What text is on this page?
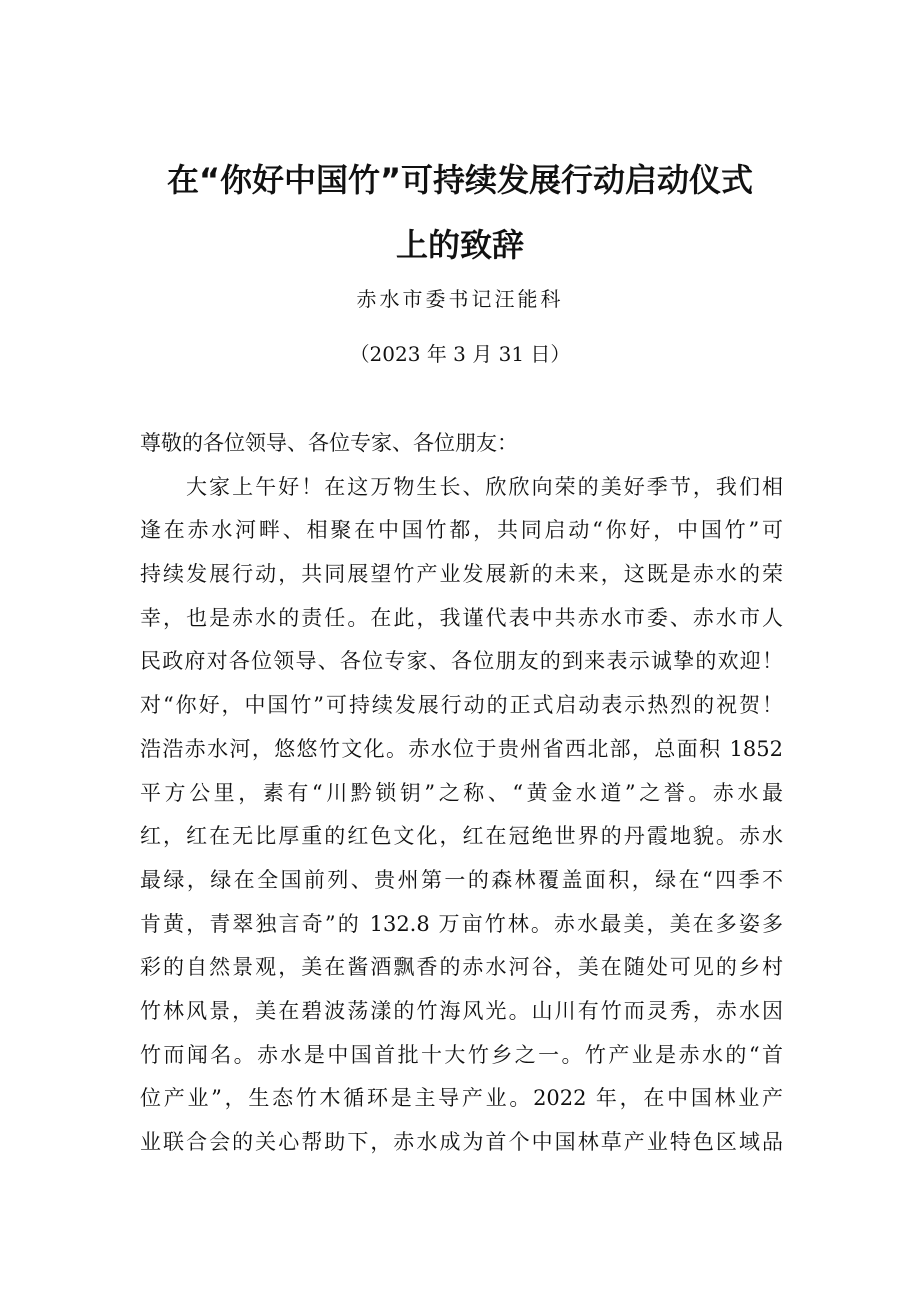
在“你好中国竹”可持续发展行动启动仪式
上的致辞
赤水市委书记汪能科
（2023 年 3 月 31 日）
尊敬的各位领导、各位专家、各位朋友：
大家上午好！在这万物生长、欣欣向荣的美好季节，我们相
逢在赤水河畔、相聚在中国竹都，共同启动“你好，中国竹”可
持续发展行动，共同展望竹产业发展新的未来，这既是赤水的荣
幸，也是赤水的责任。在此，我谨代表中共赤水市委、赤水市人
民政府对各位领导、各位专家、各位朋友的到来表示诚挚的欢迎！
对“你好，中国竹”可持续发展行动的正式启动表示热烈的祝贺！
浩浩赤水河，悠悠竹文化。赤水位于贵州省西北部，总面积 1852
平方公里，素有“川黔锁钥”之称、“黄金水道”之誉。赤水最
红，红在无比厚重的红色文化，红在冠绝世界的丹霞地貌。赤水
最绿，绿在全国前列、贵州第一的森林覆盖面积，绿在“四季不
肯黄，青翠独言奇”的 132.8 万亩竹林。赤水最美，美在多姿多
彩的自然景观，美在酱酒飘香的赤水河谷，美在随处可见的乡村
竹林风景，美在碧波荡漾的竹海风光。山川有竹而灵秀，赤水因
竹而闻名。赤水是中国首批十大竹乡之一。竹产业是赤水的“首
位产业”，生态竹木循环是主导产业。2022 年，在中国林业产
业联合会的关心帮助下，赤水成为首个中国林草产业特色区域品
